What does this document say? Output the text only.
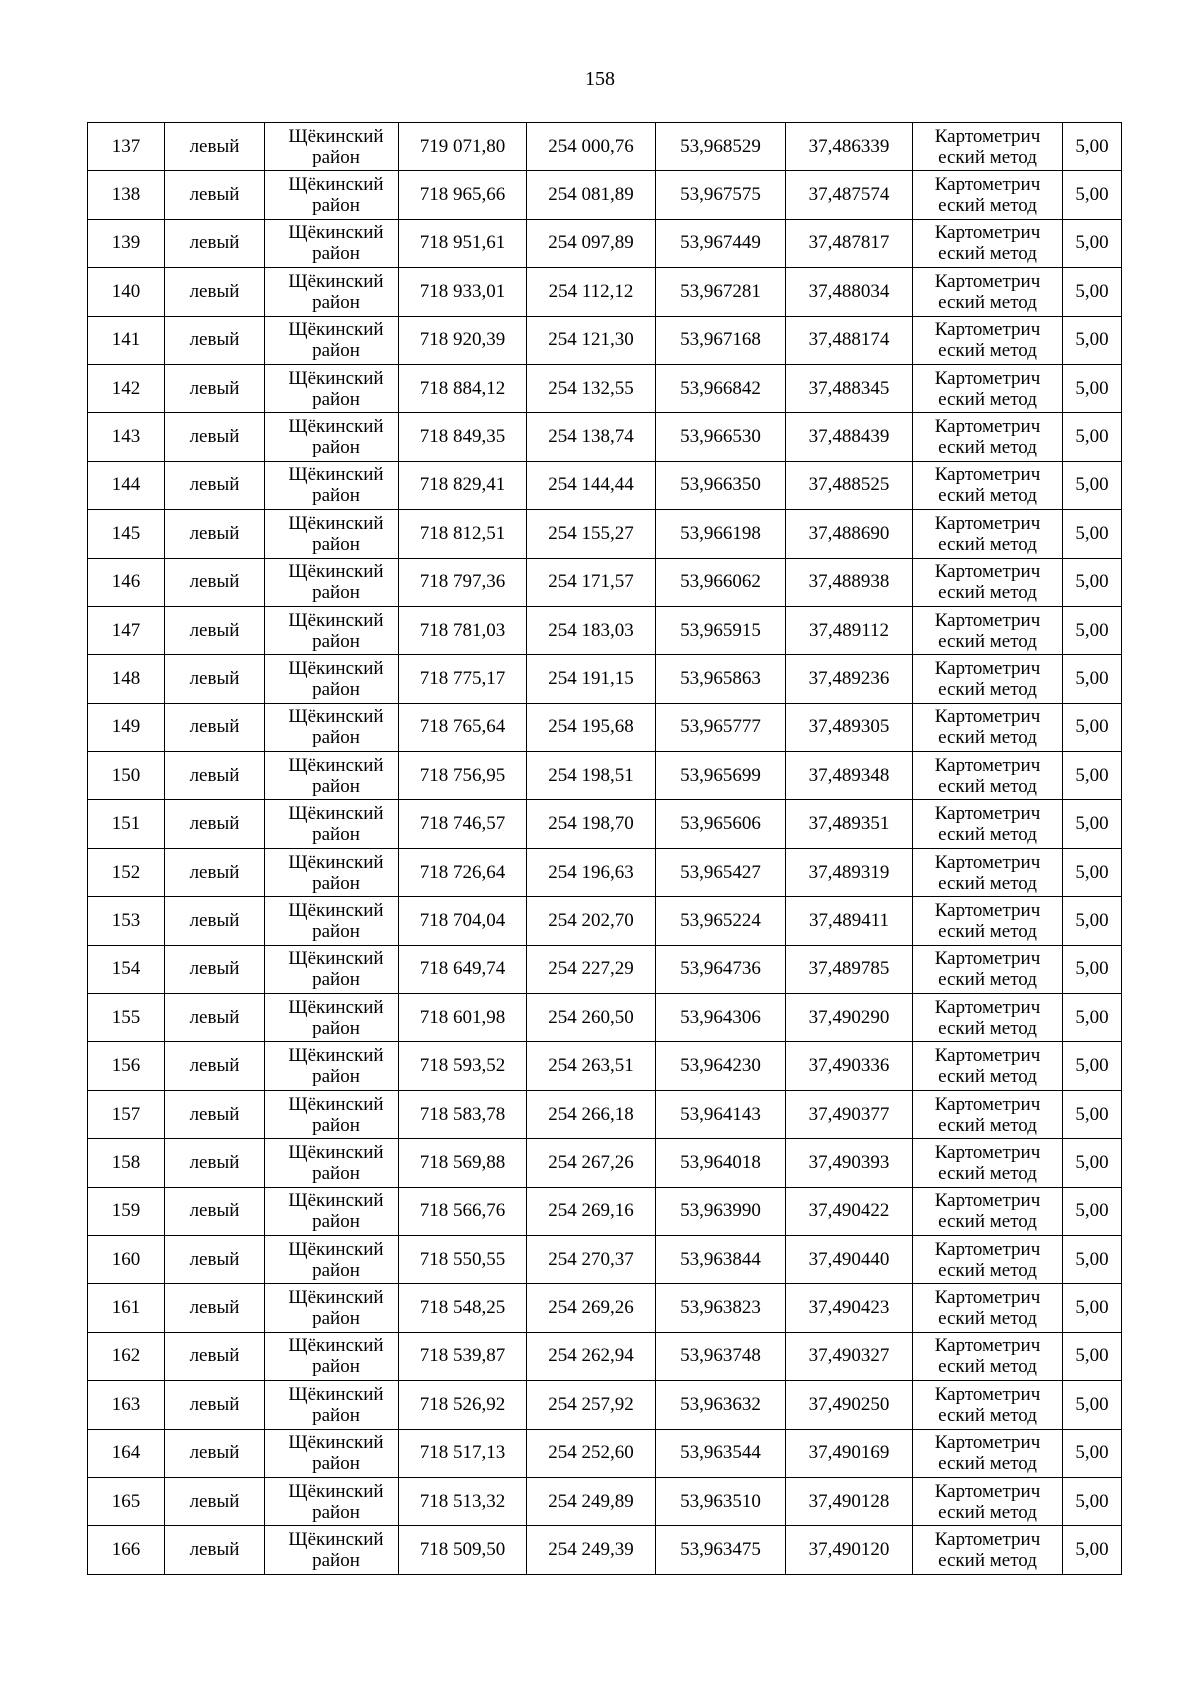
158
137	левый	Щёкинский район	719 071,80	254 000,76	53,968529	37,486339	Картометрич еский метод	5,00
138	левый	Щёкинский район	718 965,66	254 081,89	53,967575	37,487574	Картометрич еский метод	5,00
139	левый	Щёкинский район	718 951,61	254 097,89	53,967449	37,487817	Картометрич еский метод	5,00
140	левый	Щёкинский район	718 933,01	254 112,12	53,967281	37,488034	Картометрич еский метод	5,00
141	левый	Щёкинский район	718 920,39	254 121,30	53,967168	37,488174	Картометрич еский метод	5,00
142	левый	Щёкинский район	718 884,12	254 132,55	53,966842	37,488345	Картометрич еский метод	5,00
143	левый	Щёкинский район	718 849,35	254 138,74	53,966530	37,488439	Картометрич еский метод	5,00
144	левый	Щёкинский район	718 829,41	254 144,44	53,966350	37,488525	Картометрич еский метод	5,00
145	левый	Щёкинский район	718 812,51	254 155,27	53,966198	37,488690	Картометрич еский метод	5,00
146	левый	Щёкинский район	718 797,36	254 171,57	53,966062	37,488938	Картометрич еский метод	5,00
147	левый	Щёкинский район	718 781,03	254 183,03	53,965915	37,489112	Картометрич еский метод	5,00
148	левый	Щёкинский район	718 775,17	254 191,15	53,965863	37,489236	Картометрич еский метод	5,00
149	левый	Щёкинский район	718 765,64	254 195,68	53,965777	37,489305	Картометрич еский метод	5,00
150	левый	Щёкинский район	718 756,95	254 198,51	53,965699	37,489348	Картометрич еский метод	5,00
151	левый	Щёкинский район	718 746,57	254 198,70	53,965606	37,489351	Картометрич еский метод	5,00
152	левый	Щёкинский район	718 726,64	254 196,63	53,965427	37,489319	Картометрич еский метод	5,00
153	левый	Щёкинский район	718 704,04	254 202,70	53,965224	37,489411	Картометрич еский метод	5,00
154	левый	Щёкинский район	718 649,74	254 227,29	53,964736	37,489785	Картометрич еский метод	5,00
155	левый	Щёкинский район	718 601,98	254 260,50	53,964306	37,490290	Картометрич еский метод	5,00
156	левый	Щёкинский район	718 593,52	254 263,51	53,964230	37,490336	Картометрич еский метод	5,00
157	левый	Щёкинский район	718 583,78	254 266,18	53,964143	37,490377	Картометрич еский метод	5,00
158	левый	Щёкинский район	718 569,88	254 267,26	53,964018	37,490393	Картометрич еский метод	5,00
159	левый	Щёкинский район	718 566,76	254 269,16	53,963990	37,490422	Картометрич еский метод	5,00
160	левый	Щёкинский район	718 550,55	254 270,37	53,963844	37,490440	Картометрич еский метод	5,00
161	левый	Щёкинский район	718 548,25	254 269,26	53,963823	37,490423	Картометрич еский метод	5,00
162	левый	Щёкинский район	718 539,87	254 262,94	53,963748	37,490327	Картометрич еский метод	5,00
163	левый	Щёкинский район	718 526,92	254 257,92	53,963632	37,490250	Картометрич еский метод	5,00
164	левый	Щёкинский район	718 517,13	254 252,60	53,963544	37,490169	Картометрич еский метод	5,00
165	левый	Щёкинский район	718 513,32	254 249,89	53,963510	37,490128	Картометрич еский метод	5,00
166	левый	Щёкинский район	718 509,50	254 249,39	53,963475	37,490120	Картометрич еский метод	5,00
